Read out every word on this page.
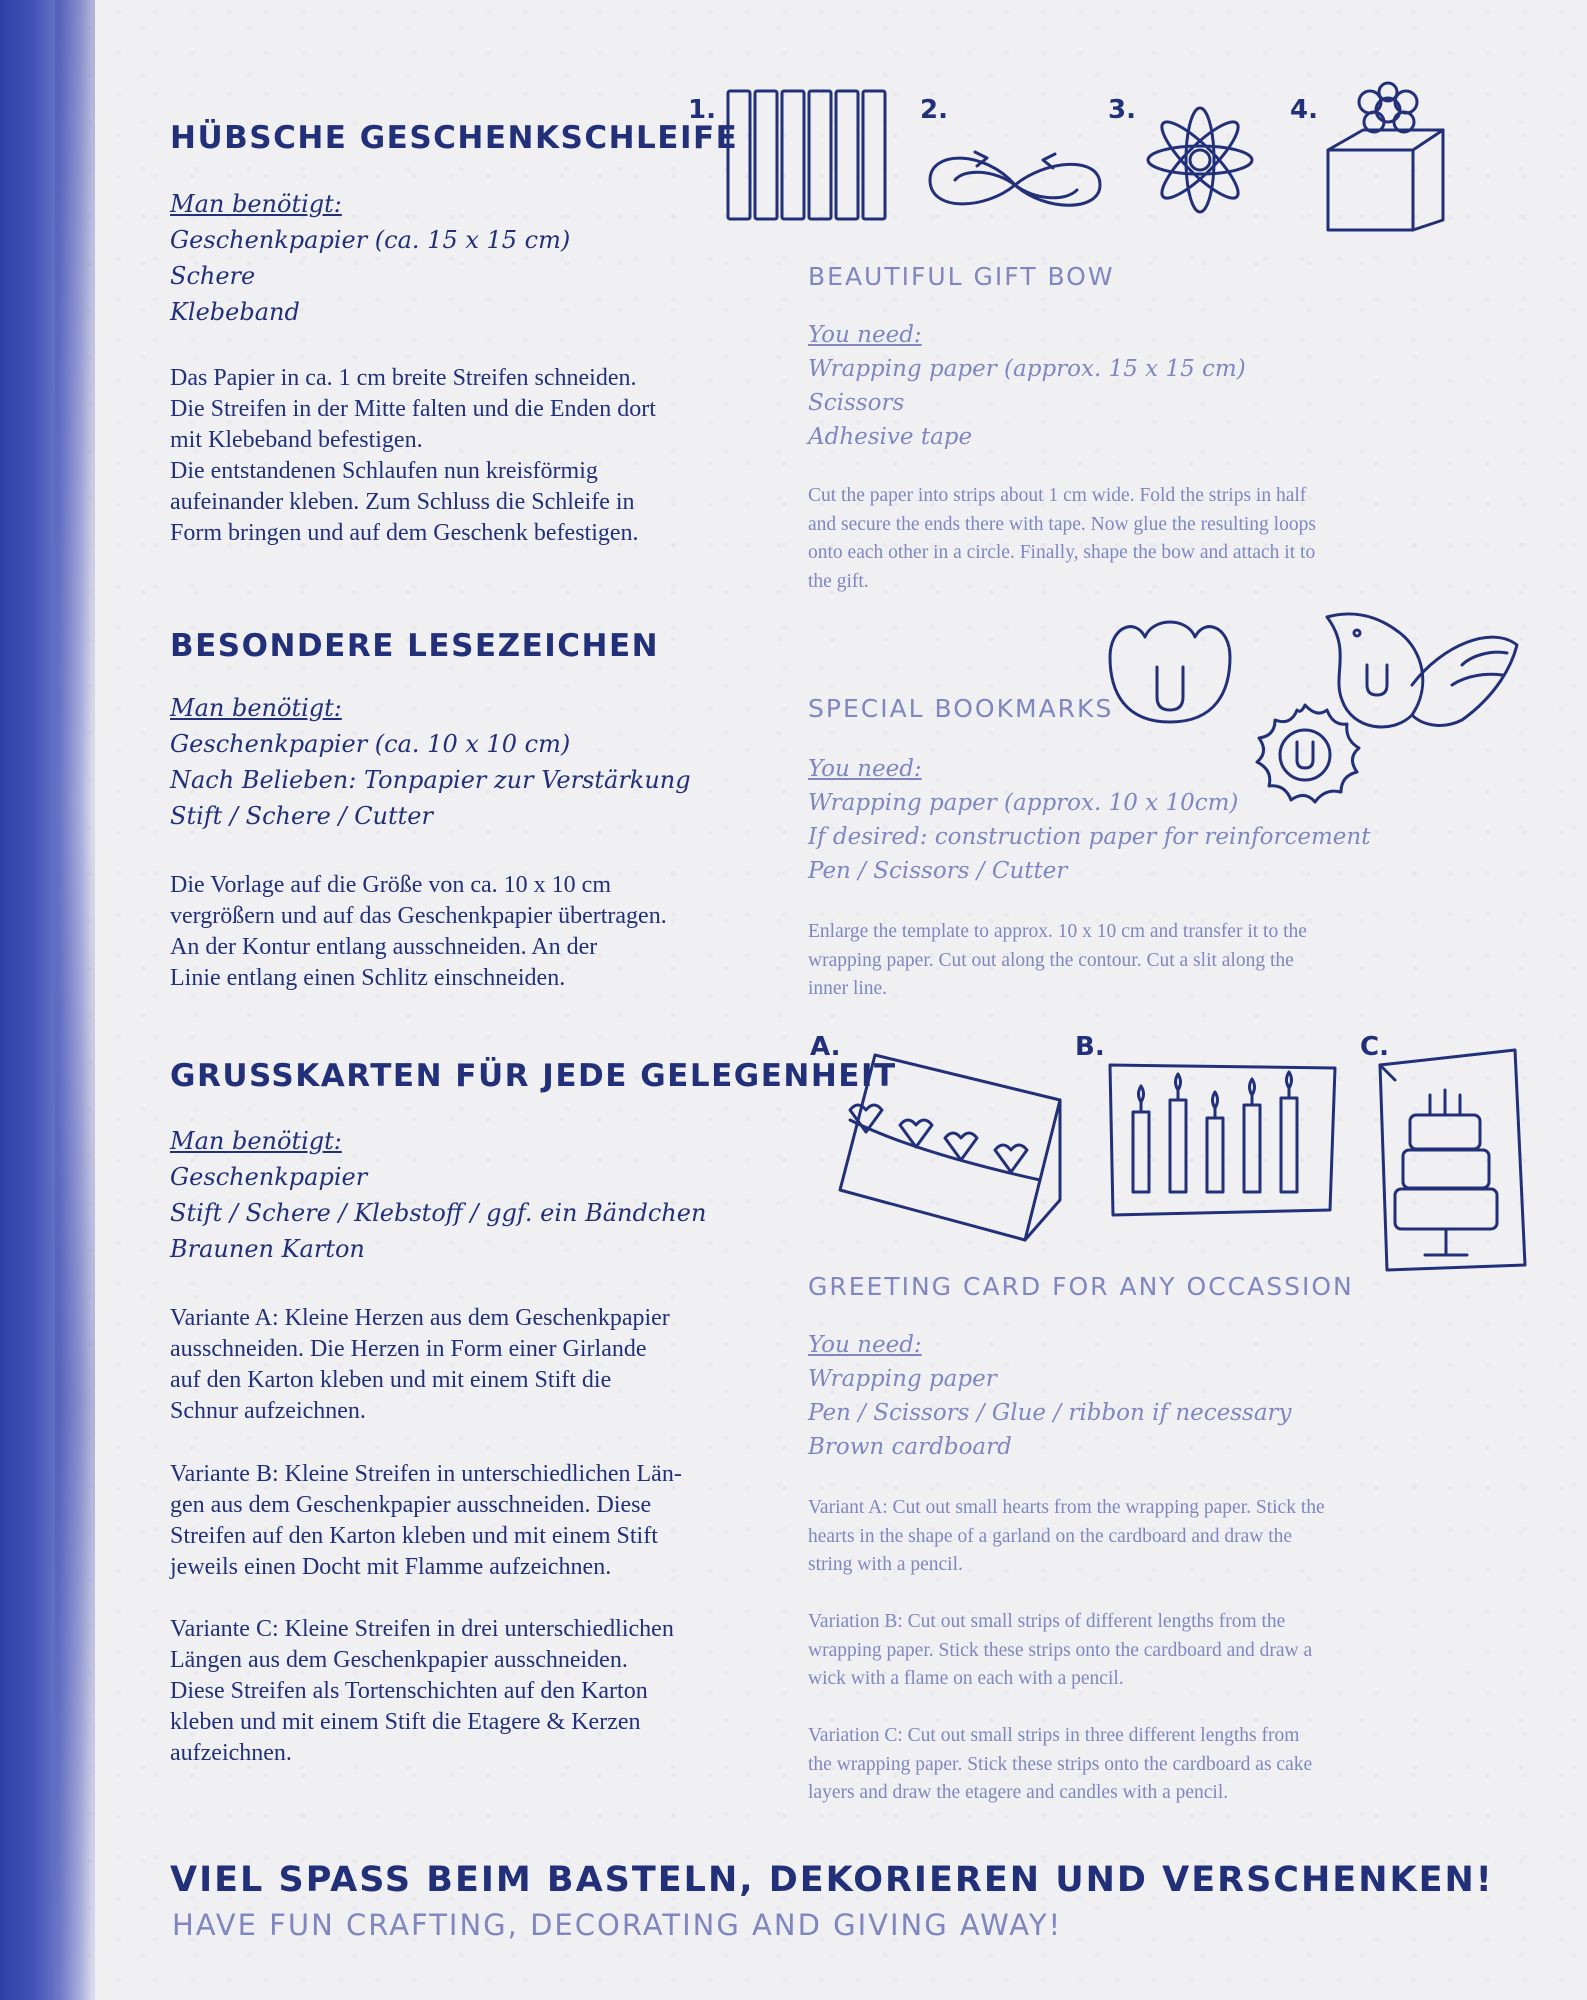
HÜBSCHE GESCHENKSCHLEIFE
Man benötigt:
Geschenkpapier (ca. 15 x 15 cm)
Schere
Klebeband
Das Papier in ca. 1 cm breite Streifen schneiden.
Die Streifen in der Mitte falten und die Enden dort
mit Klebeband befestigen.
Die entstandenen Schlaufen nun kreisförmig
aufeinander kleben. Zum Schluss die Schleife in
Form bringen und auf dem Geschenk befestigen.
1.	2.	3.	4.
BEAUTIFUL GIFT BOW
You need:
Wrapping paper (approx. 15 x 15 cm)
Scissors
Adhesive tape
Cut the paper into strips about 1 cm wide. Fold the strips in half
and secure the ends there with tape. Now glue the resulting loops
onto each other in a circle. Finally, shape the bow and attach it to
the gift.
BESONDERE LESEZEICHEN
Man benötigt:
Geschenkpapier (ca. 10 x 10 cm)
Nach Belieben: Tonpapier zur Verstärkung
Stift / Schere / Cutter
Die Vorlage auf die Größe von ca. 10 x 10 cm
vergrößern und auf das Geschenkpapier übertragen.
An der Kontur entlang ausschneiden. An der
Linie entlang einen Schlitz einschneiden.
SPECIAL BOOKMARKS
You need:
Wrapping paper (approx. 10 x 10cm)
If desired: construction paper for reinforcement
Pen / Scissors / Cutter
Enlarge the template to approx. 10 x 10 cm and transfer it to the
wrapping paper. Cut out along the contour. Cut a slit along the
inner line.
GRUSSKARTEN FÜR JEDE GELEGENHEIT
Man benötigt:
Geschenkpapier
Stift / Schere / Klebstoff / ggf. ein Bändchen
Braunen Karton
Variante A: Kleine Herzen aus dem Geschenkpapier
ausschneiden. Die Herzen in Form einer Girlande
auf den Karton kleben und mit einem Stift die
Schnur aufzeichnen.
Variante B: Kleine Streifen in unterschiedlichen Län-
gen aus dem Geschenkpapier ausschneiden. Diese
Streifen auf den Karton kleben und mit einem Stift
jeweils einen Docht mit Flamme aufzeichnen.
Variante C: Kleine Streifen in drei unterschiedlichen
Längen aus dem Geschenkpapier ausschneiden.
Diese Streifen als Tortenschichten auf den Karton
kleben und mit einem Stift die Etagere & Kerzen
aufzeichnen.
A.	B.	C.
GREETING CARD FOR ANY OCCASSION
You need:
Wrapping paper
Pen / Scissors / Glue / ribbon if necessary
Brown cardboard
Variant A: Cut out small hearts from the wrapping paper. Stick the
hearts in the shape of a garland on the cardboard and draw the
string with a pencil.
Variation B: Cut out small strips of different lengths from the
wrapping paper. Stick these strips onto the cardboard and draw a
wick with a flame on each with a pencil.
Variation C: Cut out small strips in three different lengths from
the wrapping paper. Stick these strips onto the cardboard as cake
layers and draw the etagere and candles with a pencil.
VIEL SPASS BEIM BASTELN, DEKORIEREN UND VERSCHENKEN!
HAVE FUN CRAFTING, DECORATING AND GIVING AWAY!
